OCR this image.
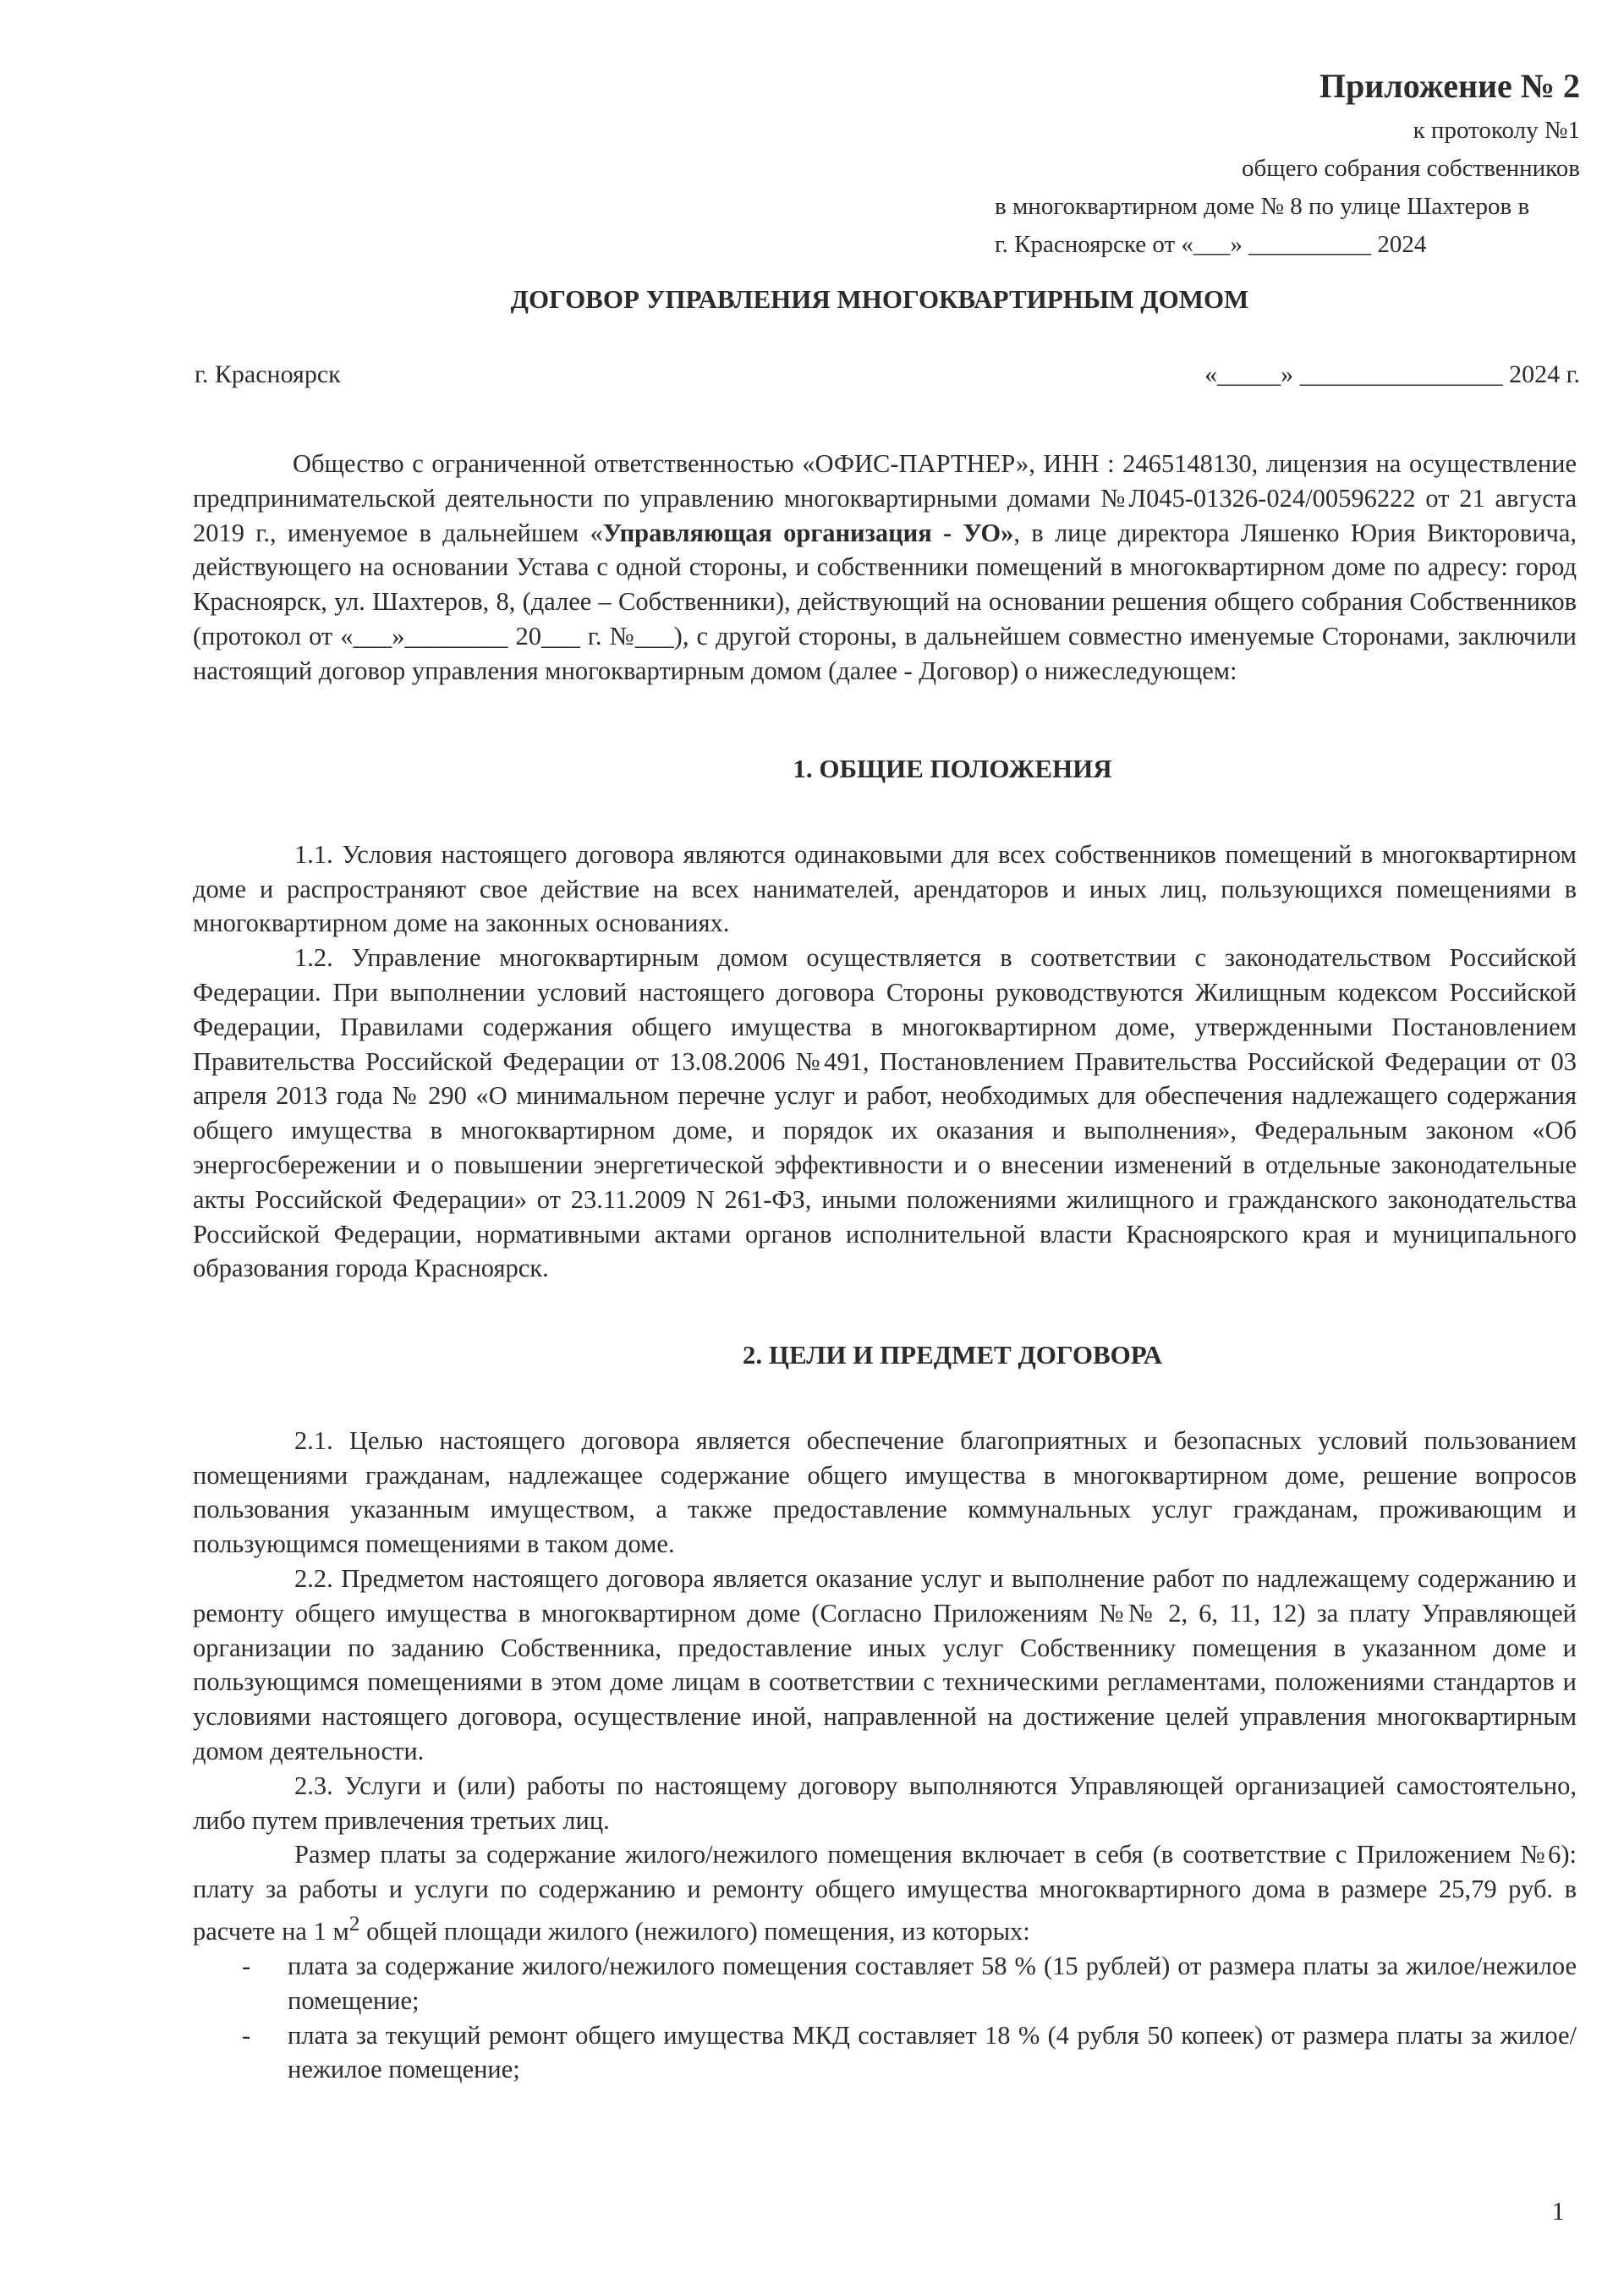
Приложение № 2
к протоколу №1
общего собрания собственников
в многоквартирном доме № 8 по улице Шахтеров в
г. Красноярске от «___» __________ 2024
ДОГОВОР УПРАВЛЕНИЯ МНОГОКВАРТИРНЫМ ДОМОМ
г. Красноярск	«_____» ________________ 2024 г.

Общество с ограниченной ответственностью «ОФИС-ПАРТНЕР», ИНН : 2465148130, лицензия на осуществление предпринимательской деятельности по управлению многоквартирными домами №Л045-01326-024/00596222 от 21 августа 2019 г., именуемое в дальнейшем «Управляющая организация - УО», в лице директора Ляшенко Юрия Викторовича, действующего на основании Устава с одной стороны, и собственники помещений в многоквартирном доме по адресу: город Красноярск, ул. Шахтеров, 8, (далее – Собственники), действующий на основании решения общего собрания Собственников (протокол от «___»________ 20___ г. №___), с другой стороны, в дальнейшем совместно именуемые Сторонами, заключили настоящий договор управления многоквартирным домом (далее - Договор) о нижеследующем:

1. ОБЩИЕ ПОЛОЖЕНИЯ

1.1. Условия настоящего договора являются одинаковыми для всех собственников помещений в многоквартирном доме и распространяют свое действие на всех нанимателей, арендаторов и иных лиц, пользующихся помещениями в многоквартирном доме на законных основаниях.

1.2. Управление многоквартирным домом осуществляется в соответствии с законодательством Российской Федерации. При выполнении условий настоящего договора Стороны руководствуются Жилищным кодексом Российской Федерации, Правилами содержания общего имущества в многоквартирном доме, утвержденными Постановлением Правительства Российской Федерации от 13.08.2006 №491, Постановлением Правительства Российской Федерации от 03 апреля 2013 года № 290 «О минимальном перечне услуг и работ, необходимых для обеспечения надлежащего содержания общего имущества в многоквартирном доме, и порядок их оказания и выполнения», Федеральным законом «Об энергосбережении и о повышении энергетической эффективности и о внесении изменений в отдельные законодательные акты Российской Федерации» от 23.11.2009 N 261-ФЗ, иными положениями жилищного и гражданского законодательства Российской Федерации, нормативными актами органов исполнительной власти Красноярского края и муниципального образования города Красноярск.

2. ЦЕЛИ И ПРЕДМЕТ ДОГОВОРА

2.1. Целью настоящего договора является обеспечение благоприятных и безопасных условий пользованием помещениями гражданам, надлежащее содержание общего имущества в многоквартирном доме, решение вопросов пользования указанным имуществом, а также предоставление коммунальных услуг гражданам, проживающим и пользующимся помещениями в таком доме.

2.2. Предметом настоящего договора является оказание услуг и выполнение работ по надлежащему содержанию и ремонту общего имущества в многоквартирном доме (Согласно Приложениям №№ 2, 6, 11, 12) за плату Управляющей организации по заданию Собственника, предоставление иных услуг Собственнику помещения в указанном доме и пользующимся помещениями в этом доме лицам в соответствии с техническими регламентами, положениями стандартов и условиями настоящего договора, осуществление иной, направленной на достижение целей управления многоквартирным домом деятельности.

2.3. Услуги и (или) работы по настоящему договору выполняются Управляющей организацией самостоятельно, либо путем привлечения третьих лиц.

Размер платы за содержание жилого/нежилого помещения включает в себя (в соответствие с Приложением №6): плату за работы и услуги по содержанию и ремонту общего имущества многоквартирного дома в размере 25,79 руб. в расчете на 1 $м^2$ общей площади жилого (нежилого) помещения, из которых:

- плата за содержание жилого/нежилого помещения составляет 58 % (15 рублей) от размера платы за жилое/нежилое помещение;
- плата за текущий ремонт общего имущества МКД составляет 18 % (4 рубля 50 копеек) от размера платы за жилое/нежилое помещение;
1
